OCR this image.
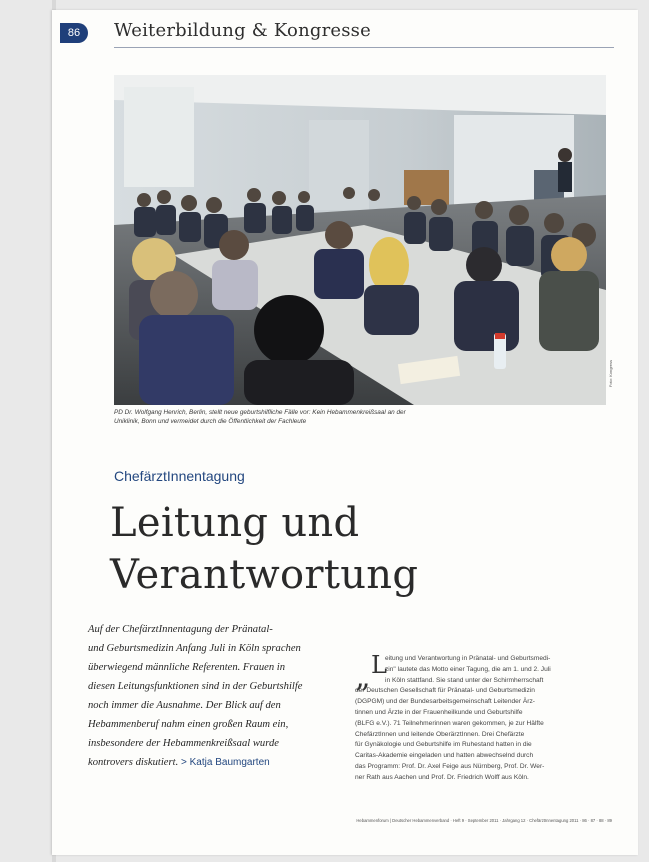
86	Weiterbildung & Kongresse
Foto: Kongress
PD Dr. Wolfgang Henrich, Berlin, stellt neue geburtshilfliche Fälle vor: Kein Hebammenkreißsaal an der
Uniklinik, Bonn und vermeidet durch die Öffentlichkeit der Fachleute
ChefärztInnentagung
Leitung und
Verantwortung
Auf der ChefärztInnentagung der Pränatal-
und Geburtsmedizin Anfang Juli in Köln sprachen
überwiegend männliche Referenten. Frauen in
diesen Leitungsfunktionen sind in der Geburtshilfe
noch immer die Ausnahme. Der Blick auf den
Hebammenberuf nahm einen großen Raum ein,
insbesondere der Hebammenkreißsaal wurde
kontrovers diskutiert. > Katja Baumgarten
„ L
eitung und Verantwortung in Pränatal- und Geburtsmedi-
zin" lautete das Motto einer Tagung, die am 1. und 2. Juli
in Köln stattfand. Sie stand unter der Schirmherrschaft
der Deutschen Gesellschaft für Pränatal- und Geburtsmedizin
(DGPGM) und der Bundesarbeitsgemeinschaft Leitender Ärz-
tinnen und Ärzte in der Frauenheilkunde und Geburtshilfe
(BLFG e.V.). 71 Teilnehmerinnen waren gekommen, je zur Hälfte
ChefärztInnen und leitende OberärztInnen. Drei Chefärzte
für Gynäkologie und Geburtshilfe im Ruhestand hatten in die
Caritas-Akademie eingeladen und hatten abwechselnd durch
das Programm: Prof. Dr. Axel Feige aus Nürnberg, Prof. Dr. Wer-
ner Rath aus Aachen und Prof. Dr. Friedrich Wolff aus Köln.
Hebammenforum | Deutscher Hebammenverband · Heft 9 · September 2011 · Jahrgang 12 · ChefärztInnentagung 2011 · 86 · 87 · 88 · 89
